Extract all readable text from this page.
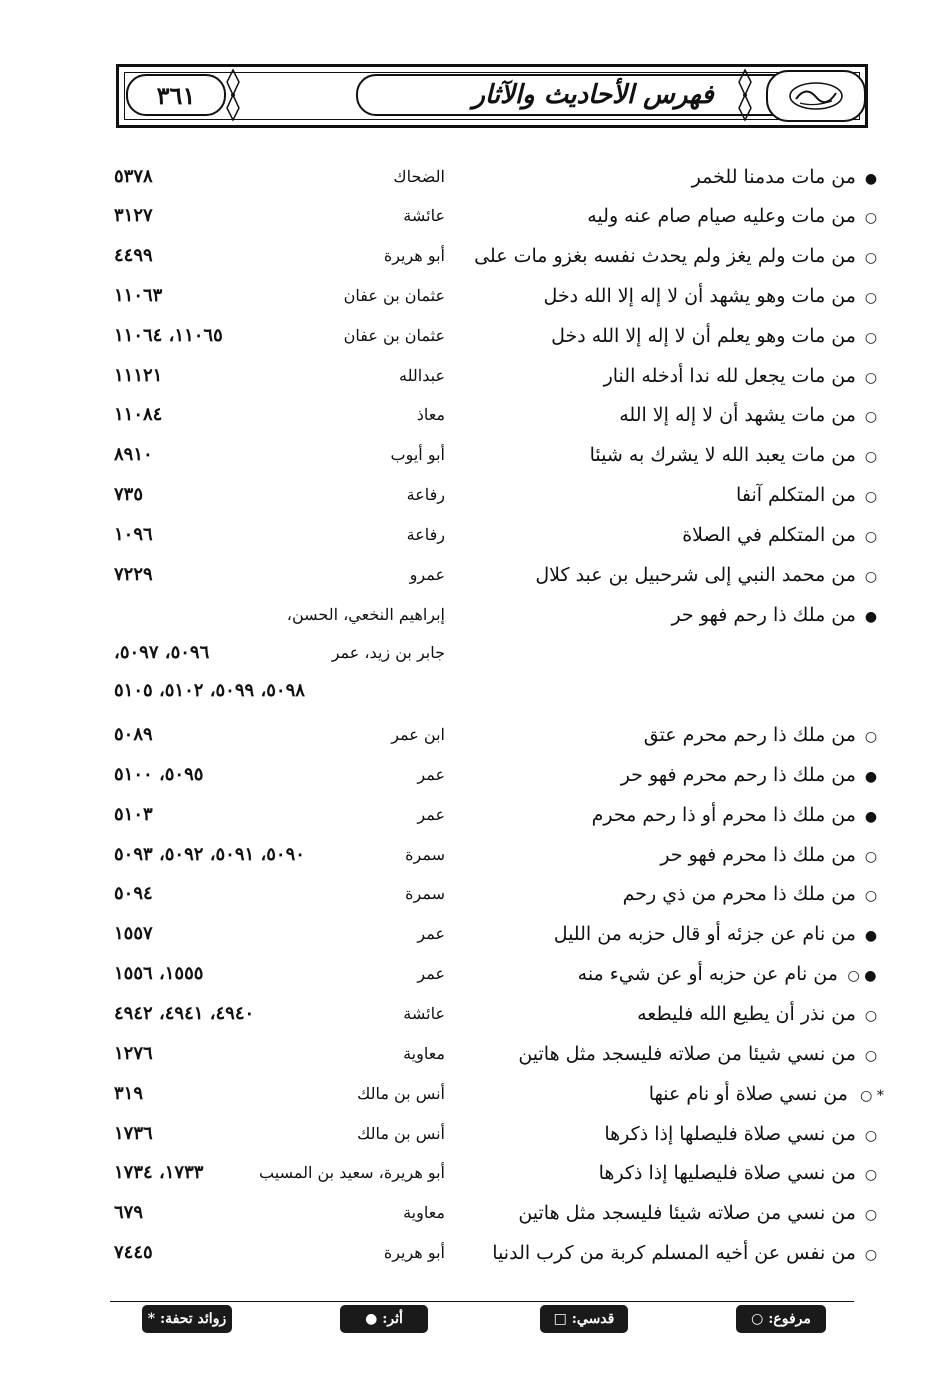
فهرس الأحاديث والآثار
٣٦١
● من مات مدمنا للخمر
الضحاك
٥٣٧٨
○ من مات وعليه صيام صام عنه وليه
عائشة
٣١٢٧
○ من مات ولم يغز ولم يحدث نفسه بغزو مات على
أبو هريرة
٤٤٩٩
○ من مات وهو يشهد أن لا إله إلا الله دخل
عثمان بن عفان
١١٠٦٣
○ من مات وهو يعلم أن لا إله إلا الله دخل
عثمان بن عفان
١١٠٦٥، ١١٠٦٤
○ من مات يجعل لله ندا أدخله النار
عبدالله
١١١٢١
○ من مات يشهد أن لا إله إلا الله
معاذ
١١٠٨٤
○ من مات يعبد الله لا يشرك به شيئا
أبو أيوب
٨٩١٠
○ من المتكلم آنفا
رفاعة
٧٣٥
○ من المتكلم في الصلاة
رفاعة
١٠٩٦
○ من محمد النبي إلى شرحبيل بن عبد كلال
عمرو
٧٢٢٩
● من ملك ذا رحم فهو حر
إبراهيم النخعي، الحسن،
جابر بن زيد، عمر
٥٠٩٦، ٥٠٩٧،
٥٠٩٨، ٥٠٩٩، ٥١٠٢، ٥١٠٥
○ من ملك ذا رحم محرم عتق
ابن عمر
٥٠٨٩
● من ملك ذا رحم محرم فهو حر
عمر
٥٠٩٥، ٥١٠٠
● من ملك ذا محرم أو ذا رحم محرم
عمر
٥١٠٣
○ من ملك ذا محرم فهو حر
سمرة
٥٠٩٠، ٥٠٩١، ٥٠٩٢، ٥٠٩٣
○ من ملك ذا محرم من ذي رحم
سمرة
٥٠٩٤
● من نام عن جزئه أو قال حزبه من الليل
عمر
١٥٥٧
● ○ من نام عن حزبه أو عن شيء منه
عمر
١٥٥٥، ١٥٥٦
○ من نذر أن يطيع الله فليطعه
عائشة
٤٩٤٠، ٤٩٤١، ٤٩٤٢
○ من نسي شيئا من صلاته فليسجد مثل هاتين
معاوية
١٢٧٦
* ○ من نسي صلاة أو نام عنها
أنس بن مالك
٣١٩
○ من نسي صلاة فليصلها إذا ذكرها
أنس بن مالك
١٧٣٦
○ من نسي صلاة فليصليها إذا ذكرها
أبو هريرة، سعيد بن المسيب
١٧٣٣، ١٧٣٤
○ من نسي من صلاته شيئا فليسجد مثل هاتين
معاوية
٦٧٩
○ من نفس عن أخيه المسلم كربة من كرب الدنيا
أبو هريرة
٧٤٤٥
مرفوع: ○
قدسي: □
أثر: ●
زوائد تحفة: *
